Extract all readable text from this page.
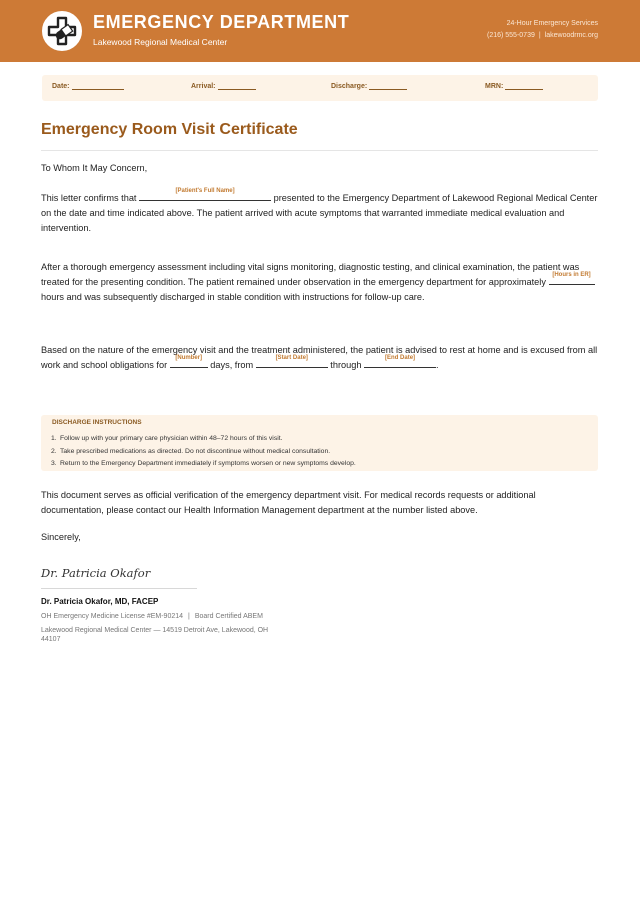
EMERGENCY DEPARTMENT
Lakewood Regional Medical Center
24-Hour Emergency Services
(216) 555-0739 | lakewoodrmc.org
Date:	Arrival:	Discharge:	MRN:
Emergency Room Visit Certificate
To Whom It May Concern,
This letter confirms that
[Patient's Full Name]
presented to the Emergency Department of Lakewood Regional Medical Center on the date and time indicated above. The patient arrived with acute symptoms that warranted immediate medical evaluation and intervention.
After a thorough emergency assessment including vital signs monitoring, diagnostic testing, and clinical examination, the patient was treated for the presenting condition. The patient remained under observation in the emergency department for approximately
[Hours in ER]
hours and was subsequently discharged in stable condition with instructions for follow-up care.
Based on the nature of the emergency visit and the treatment administered, the patient is advised to rest at home and is excused from all work and school obligations for
[Number]
days, from
[Start Date]
through
[End Date]
.
DISCHARGE INSTRUCTIONS
1. Follow up with your primary care physician within 48–72 hours of this visit.
2. Take prescribed medications as directed. Do not discontinue without medical consultation.
3. Return to the Emergency Department immediately if symptoms worsen or new symptoms develop.
This document serves as official verification of the emergency department visit. For medical records requests or additional documentation, please contact our Health Information Management department at the number listed above.
Sincerely,
Dr. Patricia Okafor
Dr. Patricia Okafor, MD, FACEP
OH Emergency Medicine License #EM-90214 | Board Certified ABEM
Lakewood Regional Medical Center — 14519 Detroit Ave, Lakewood, OH
44107
